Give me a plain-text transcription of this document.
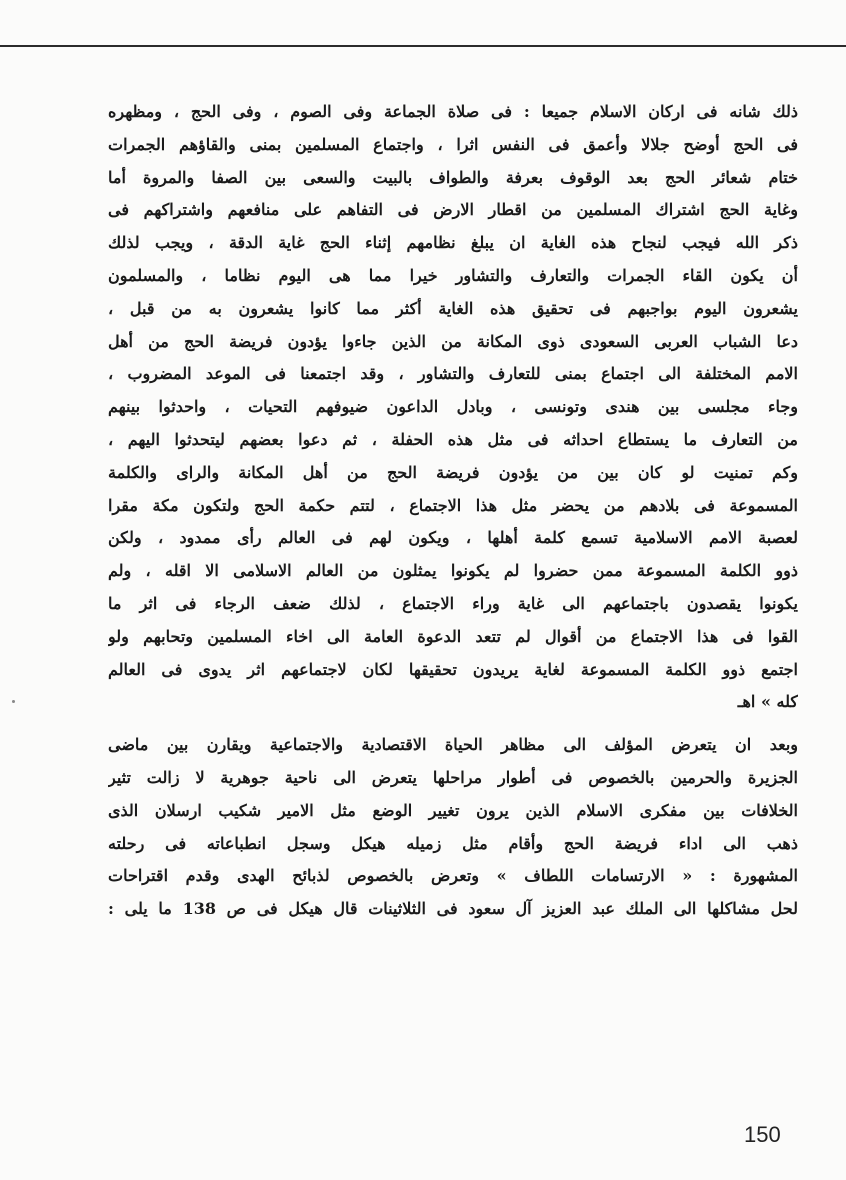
ذلك شانه فى اركان الاسلام جميعا : فى صلاة الجماعة وفى الصوم ، وفى الحج ، ومظهره
فى الحج أوضح جلالا وأعمق فى النفس اثرا ، واجتماع المسلمين بمنى والقاؤهم الجمرات
ختام شعائر الحج بعد الوقوف بعرفة والطواف بالبيت والسعى بين الصفا والمروة أما
وغاية الحج اشتراك المسلمين من اقطار الارض فى التفاهم على منافعهم واشتراكهم فى
ذكر الله فيجب لنجاح هذه الغاية ان يبلغ نظامهم إثناء الحج غاية الدقة ، ويجب لذلك
أن يكون القاء الجمرات والتعارف والتشاور خيرا مما هى اليوم نظاما ، والمسلمون
يشعرون اليوم بواجبهم فى تحقيق هذه الغاية أكثر مما كانوا يشعرون به من قبل ،
دعا الشباب العربى السعودى ذوى المكانة من الذين جاءوا يؤدون فريضة الحج من أهل
الامم المختلفة الى اجتماع بمنى للتعارف والتشاور ، وقد اجتمعنا فى الموعد المضروب ،
وجاء مجلسى بين هندى وتونسى ، وبادل الداعون ضيوفهم التحيات ، واحدثوا بينهم
من التعارف ما يستطاع احداثه فى مثل هذه الحفلة ، ثم دعوا بعضهم ليتحدثوا اليهم ،
وكم تمنيت لو كان بين من يؤدون فريضة الحج من أهل المكانة والراى والكلمة
المسموعة فى بلادهم من يحضر مثل هذا الاجتماع ، لتتم حكمة الحج ولتكون مكة مقرا
لعصبة الامم الاسلامية تسمع كلمة أهلها ، ويكون لهم فى العالم رأى ممدود ، ولكن
ذوو الكلمة المسموعة ممن حضروا لم يكونوا يمثلون من العالم الاسلامى الا اقله ، ولم
يكونوا يقصدون باجتماعهم الى غاية وراء الاجتماع ، لذلك ضعف الرجاء فى اثر ما
القوا فى هذا الاجتماع من أقوال لم تتعد الدعوة العامة الى اخاء المسلمين وتحابهم ولو
اجتمع ذوو الكلمة المسموعة لغاية يريدون تحقيقها لكان لاجتماعهم اثر يدوى فى العالم
كله » اهـ
وبعد ان يتعرض المؤلف الى مظاهر الحياة الاقتصادية والاجتماعية ويقارن بين ماضى
الجزيرة والحرمين بالخصوص فى أطوار مراحلها يتعرض الى ناحية جوهرية لا زالت تثير
الخلافات بين مفكرى الاسلام الذين يرون تغيير الوضع مثل الامير شكيب ارسلان الذى
ذهب الى اداء فريضة الحج وأقام مثل زميله هيكل وسجل انطباعاته فى رحلته
المشهورة : « الارتسامات اللطاف » وتعرض بالخصوص لذبائح الهدى وقدم اقتراحات
لحل مشاكلها الى الملك عبد العزيز آل سعود فى الثلاثينات قال هيكل فى ص 138 ما يلى :
150
